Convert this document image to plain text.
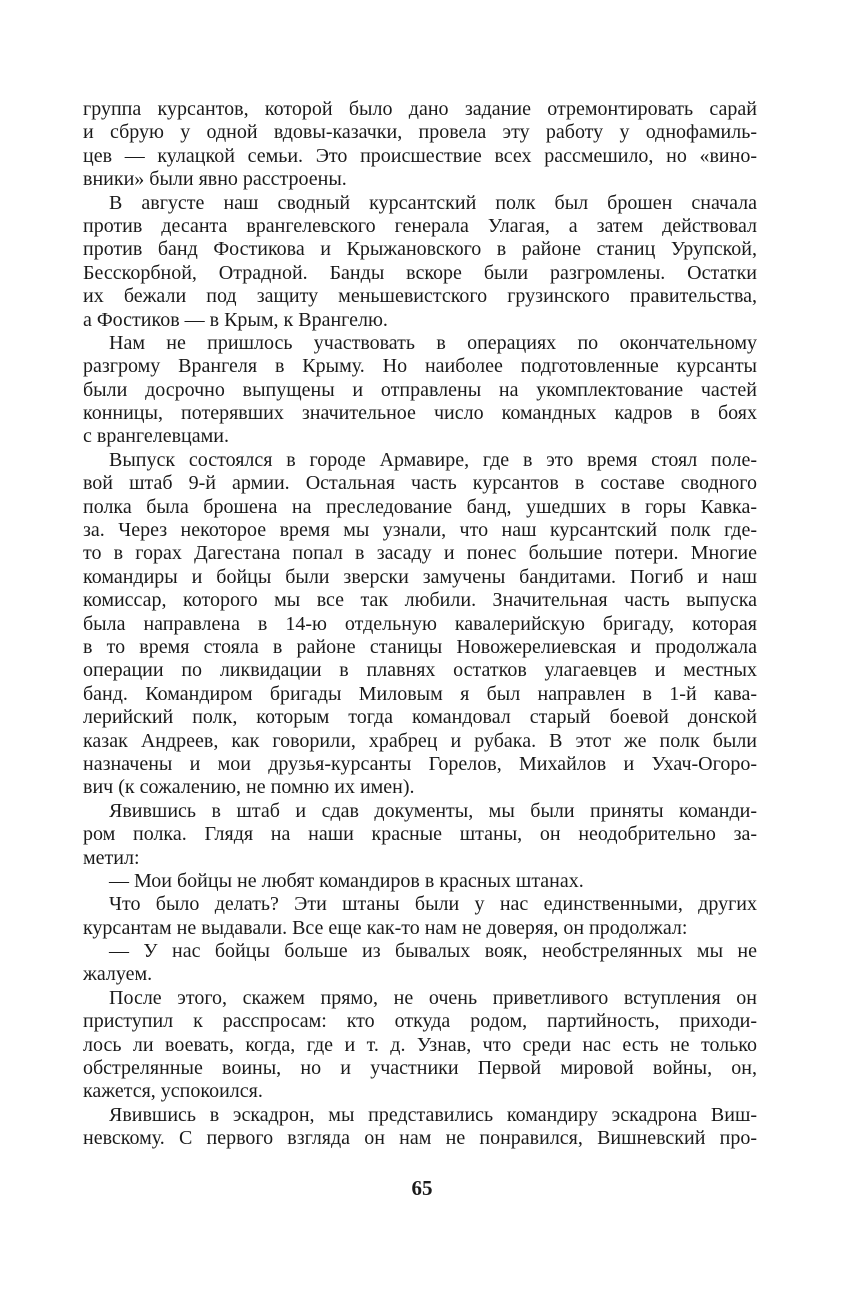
группа курсантов, которой было дано задание отремонтировать сарай
и сбрую у одной вдовы-казачки, провела эту работу у однофамиль-
цев — кулацкой семьи. Это происшествие всех рассмешило, но «вино-
вники» были явно расстроены.
В августе наш сводный курсантский полк был брошен сначала
против десанта врангелевского генерала Улагая, а затем действовал
против банд Фостикова и Крыжановского в районе станиц Урупской,
Бесскорбной, Отрадной. Банды вскоре были разгромлены. Остатки
их бежали под защиту меньшевистского грузинского правительства,
а Фостиков — в Крым, к Врангелю.
Нам не пришлось участвовать в операциях по окончательному
разгрому Врангеля в Крыму. Но наиболее подготовленные курсанты
были досрочно выпущены и отправлены на укомплектование частей
конницы, потерявших значительное число командных кадров в боях
с врангелевцами.
Выпуск состоялся в городе Армавире, где в это время стоял поле-
вой штаб 9-й армии. Остальная часть курсантов в составе сводного
полка была брошена на преследование банд, ушедших в горы Кавка-
за. Через некоторое время мы узнали, что наш курсантский полк где-
то в горах Дагестана попал в засаду и понес большие потери. Многие
командиры и бойцы были зверски замучены бандитами. Погиб и наш
комиссар, которого мы все так любили. Значительная часть выпуска
была направлена в 14-ю отдельную кавалерийскую бригаду, которая
в то время стояла в районе станицы Новожерелиевская и продолжала
операции по ликвидации в плавнях остатков улагаевцев и местных
банд. Командиром бригады Миловым я был направлен в 1-й кава-
лерийский полк, которым тогда командовал старый боевой донской
казак Андреев, как говорили, храбрец и рубака. В этот же полк были
назначены и мои друзья-курсанты Горелов, Михайлов и Ухач-Огоро-
вич (к сожалению, не помню их имен).
Явившись в штаб и сдав документы, мы были приняты команди-
ром полка. Глядя на наши красные штаны, он неодобрительно за-
метил:
— Мои бойцы не любят командиров в красных штанах.
Что было делать? Эти штаны были у нас единственными, других
курсантам не выдавали. Все еще как-то нам не доверяя, он продолжал:
— У нас бойцы больше из бывалых вояк, необстрелянных мы не
жалуем.
После этого, скажем прямо, не очень приветливого вступления он
приступил к расспросам: кто откуда родом, партийность, приходи-
лось ли воевать, когда, где и т. д. Узнав, что среди нас есть не только
обстрелянные воины, но и участники Первой мировой войны, он,
кажется, успокоился.
Явившись в эскадрон, мы представились командиру эскадрона Виш-
невскому. С первого взгляда он нам не понравился, Вишневский про-
65
